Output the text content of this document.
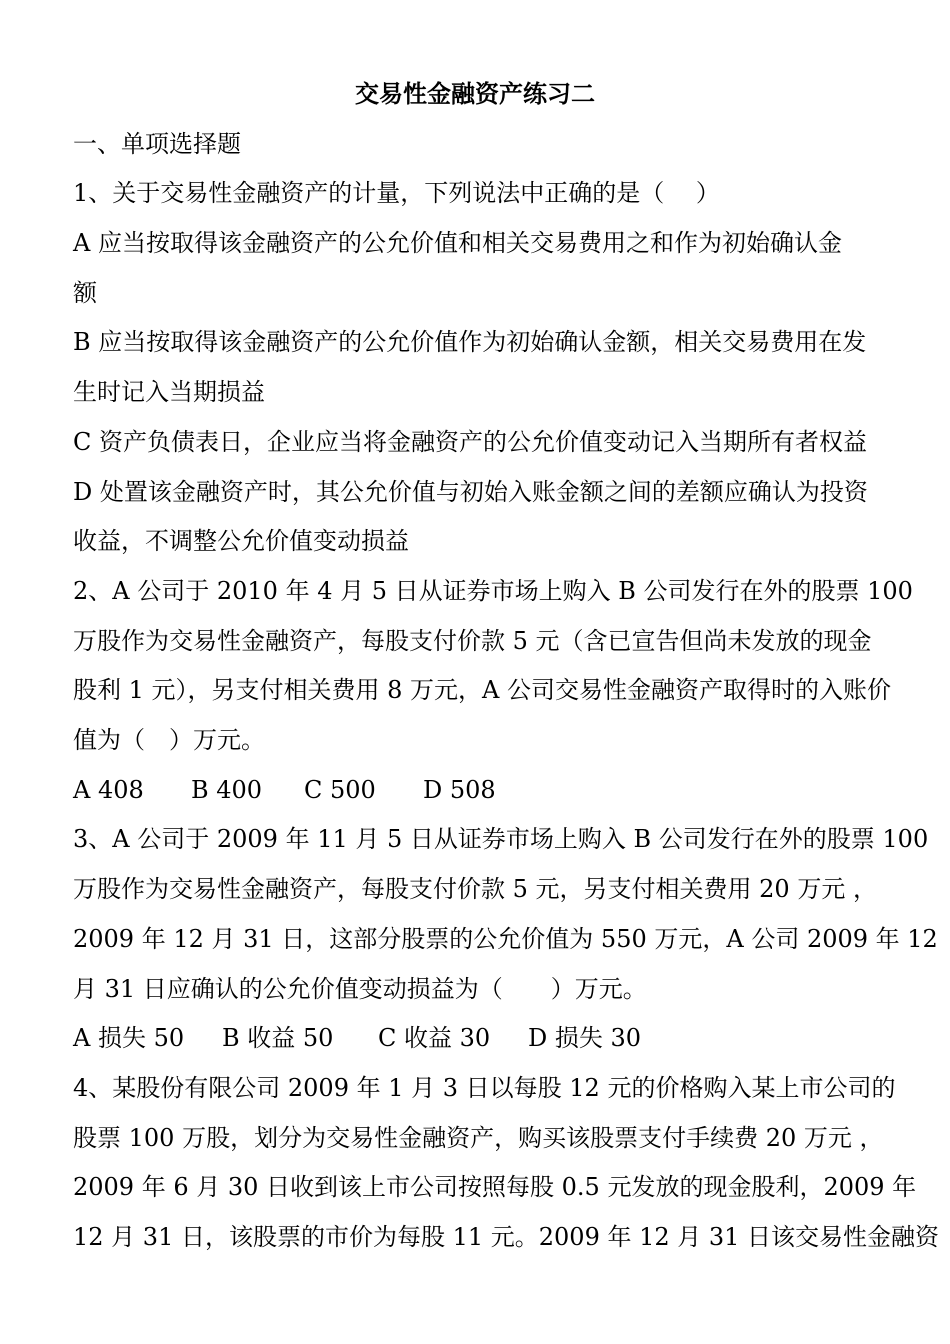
交易性金融资产练习二
一、单项选择题
1、关于交易性金融资产的计量，下列说法中正确的是（　 ）
A 应当按取得该金融资产的公允价值和相关交易费用之和作为初始确认金
额
B 应当按取得该金融资产的公允价值作为初始确认金额，相关交易费用在发
生时记入当期损益
C 资产负债表日，企业应当将金融资产的公允价值变动记入当期所有者权益
D 处置该金融资产时，其公允价值与初始入账金额之间的差额应确认为投资
收益，不调整公允价值变动损益
2、A 公司于 2010 年 4 月 5 日从证券市场上购入 B 公司发行在外的股票 100
万股作为交易性金融资产，每股支付价款 5 元（含已宣告但尚未发放的现金
股利 1 元），另支付相关费用 8 万元，A 公司交易性金融资产取得时的入账价
值为（　）万元。
A 408	B 400	C 500	D 508
3、A 公司于 2009 年 11 月 5 日从证券市场上购入 B 公司发行在外的股票 100
万股作为交易性金融资产，每股支付价款 5 元，另支付相关费用 20 万元 ，
2009 年 12 月 31 日，这部分股票的公允价值为 550 万元，A 公司 2009 年 12
月 31 日应确认的公允价值变动损益为（　　）万元。
A 损失 50	B 收益 50	C 收益 30	D 损失 30
4、某股份有限公司 2009 年 1 月 3 日以每股 12 元的价格购入某上市公司的
股票 100 万股，划分为交易性金融资产，购买该股票支付手续费 20 万元 ，
2009 年 6 月 30 日收到该上市公司按照每股 0.5 元发放的现金股利，2009 年
12 月 31 日，该股票的市价为每股 11 元。2009 年 12 月 31 日该交易性金融资
